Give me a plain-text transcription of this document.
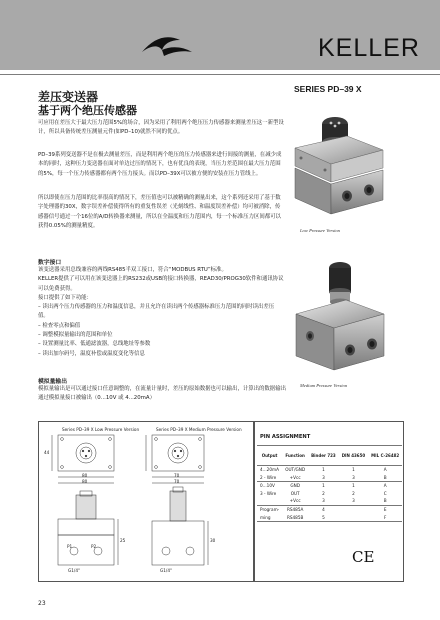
KELLER
差压变送器
基于两个绝压传感器
SERIES PD–39 X
可应用在差压大于最大压力范围5%的场合，因为采用了利用两个绝压压力传感器来测量差压这一新型设计，所以具备传统差压测量元件(如PD–10)就然不同的优点。
PD–39系列变送器不是在极去测量差压，而是利用两个绝压的压力传感器来进行间接的测量，在减少成本的同时，这种压力变送器在面对单边过压的情况下，也有优良的表现，当压力差范围在最大压力范围的5%，每一个压力传感器都有两个压力接头。而以PD–39X可以被方便的安装在压力管线上。
所以即使在压力范围的比率很高的情况下，差压值也可以被精确的测量出来，这个系列还采用了基于数字处理器的30X，数字误差补偿使得所有的重复性误差（光刻线性、和温度误差补偿）均可被消除，传感器信号通过一个16位的A/D转换器来测量，所以在全温度和压力范围内，每一个标准压力区间都可以获得0.05%的测量精度。
数字接口
该变送器采用总线兼容的两线RS485半双工接口，符合“MODBUS RTU”标准。
KELLER提供了可以用在该变送器上的RS232或USB的接口转换器，READ30/PROG30软件和通讯协议可以免费获得。
接口提供了如下功能：
– 读出两个压力传感器的压力和温度信息，并且允许在读出两个传感器标准压力范围的同时读出差压值。
– 检查零点和偏值
– 调整模拟量输出的范围和单位
– 设置测量比率、低通滤波器，总线地址等参数
– 读出加尔码号，温度补偿或温度变化等信息
模拟量输出
模拟量输出是可以通过接口任意调整的，在流量计量时，差压的原始数据也可以输出，计算出的数据输出通过模拟量接口被输出（0...10V 或 4...20mA）
Low Pressure Version
Medium Pressure Version
Series PD–39 X Low Pressure Version	Series PD–39 X Medium Pressure Version
44
80
80
70
70
25	30
P1	P2
G1/4"	G1/4"
PIN ASSIGNMENT
Output	Function	Binder 723	DIN 43650	MIL C-26482
4...20mA	OUT/GND	1	1	A
2 - Wire	+Vcc	3	3	B
0...10V	GND	1	1	A
3 - Wire	OUT	2	2	C
	+Vcc	3	3	B
Program-	RS485A	4		E
ming	RS485B	5		F
CE
23
